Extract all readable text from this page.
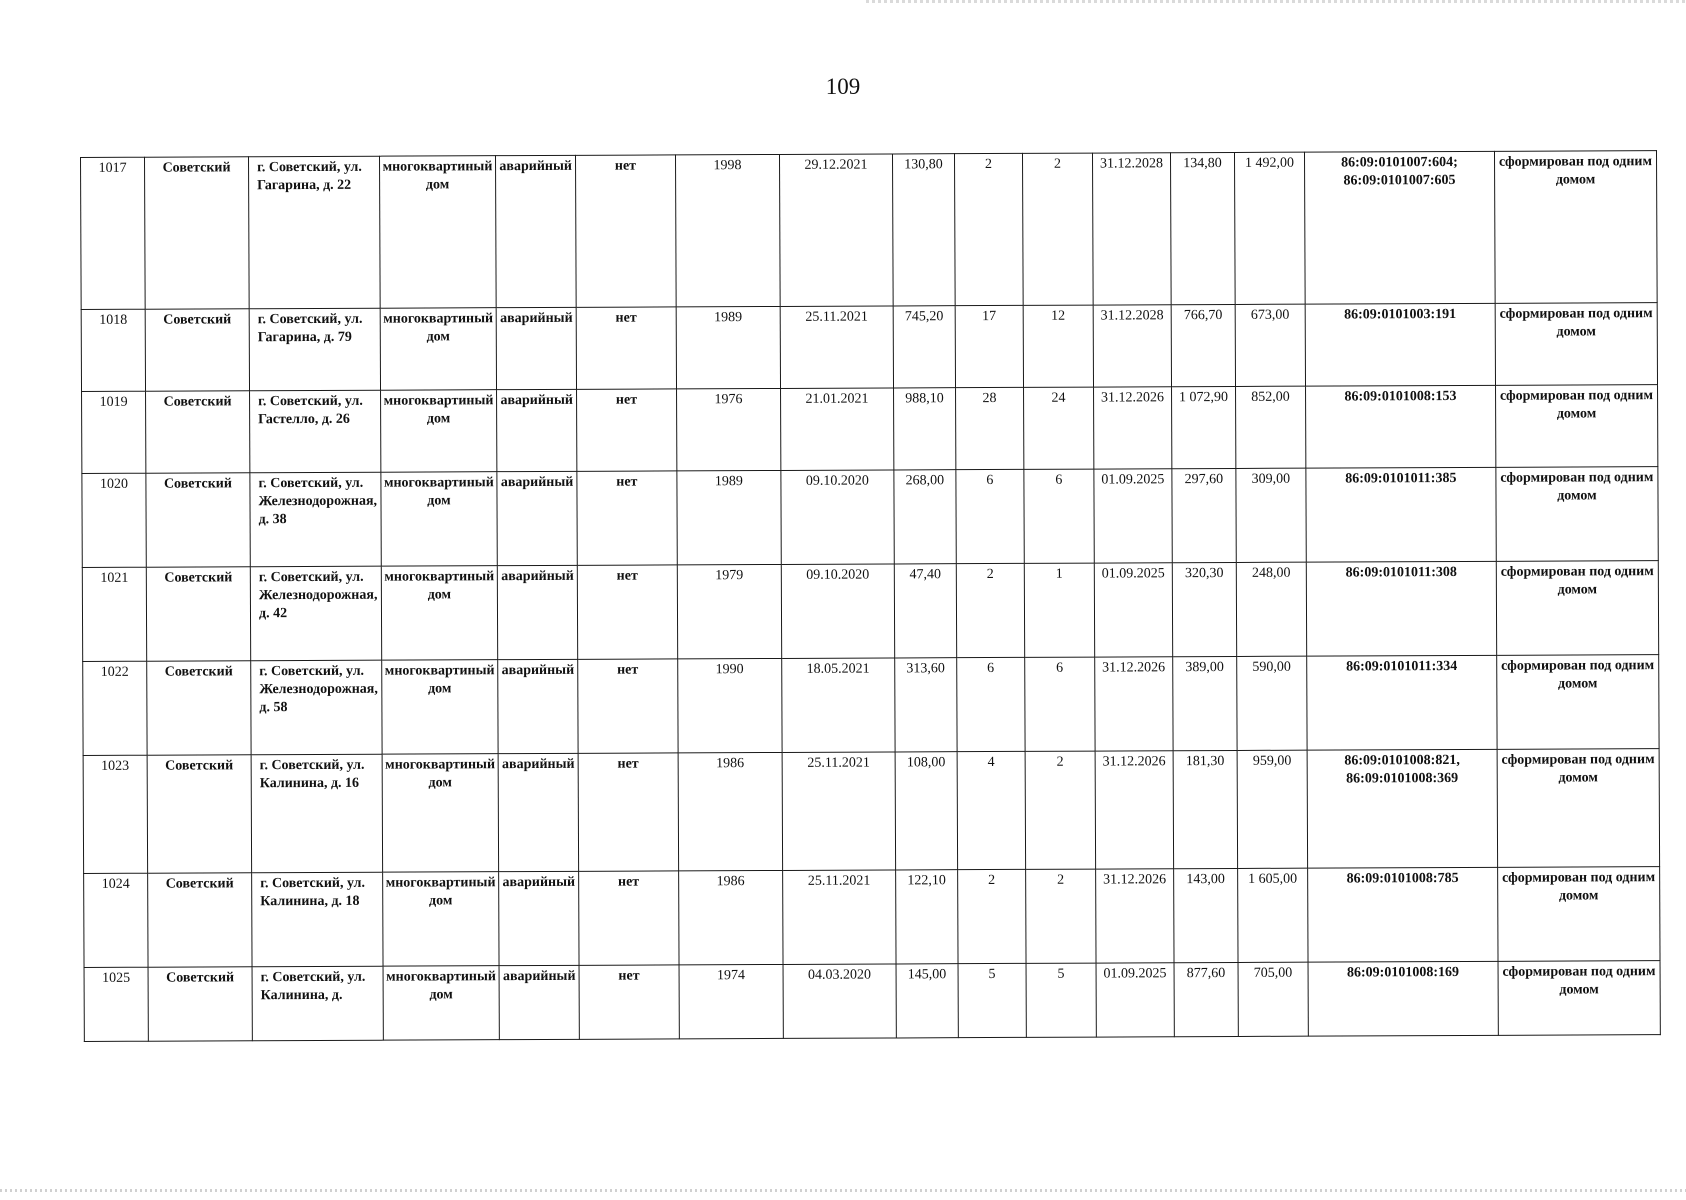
109
1017	Советский	г. Советский, ул. Гагарина, д. 22	многоквартиный дом	аварийный	нет	1998	29.12.2021	130,80	2	2	31.12.2028	134,80	1 492,00	86:09:0101007:604; 86:09:0101007:605	сформирован под одним домом
1018	Советский	г. Советский, ул. Гагарина, д. 79	многоквартиный дом	аварийный	нет	1989	25.11.2021	745,20	17	12	31.12.2028	766,70	673,00	86:09:0101003:191	сформирован под одним домом
1019	Советский	г. Советский, ул. Гастелло, д. 26	многоквартиный дом	аварийный	нет	1976	21.01.2021	988,10	28	24	31.12.2026	1 072,90	852,00	86:09:0101008:153	сформирован под одним домом
1020	Советский	г. Советский, ул. Железнодорожная, д. 38	многоквартиный дом	аварийный	нет	1989	09.10.2020	268,00	6	6	01.09.2025	297,60	309,00	86:09:0101011:385	сформирован под одним домом
1021	Советский	г. Советский, ул. Железнодорожная, д. 42	многоквартиный дом	аварийный	нет	1979	09.10.2020	47,40	2	1	01.09.2025	320,30	248,00	86:09:0101011:308	сформирован под одним домом
1022	Советский	г. Советский, ул. Железнодорожная, д. 58	многоквартиный дом	аварийный	нет	1990	18.05.2021	313,60	6	6	31.12.2026	389,00	590,00	86:09:0101011:334	сформирован под одним домом
1023	Советский	г. Советский, ул. Калинина, д. 16	многоквартиный дом	аварийный	нет	1986	25.11.2021	108,00	4	2	31.12.2026	181,30	959,00	86:09:0101008:821, 86:09:0101008:369	сформирован под одним домом
1024	Советский	г. Советский, ул. Калинина, д. 18	многоквартиный дом	аварийный	нет	1986	25.11.2021	122,10	2	2	31.12.2026	143,00	1 605,00	86:09:0101008:785	сформирован под одним домом
1025	Советский	г. Советский, ул. Калинина, д.	многоквартиный дом	аварийный	нет	1974	04.03.2020	145,00	5	5	01.09.2025	877,60	705,00	86:09:0101008:169	сформирован под одним домом
